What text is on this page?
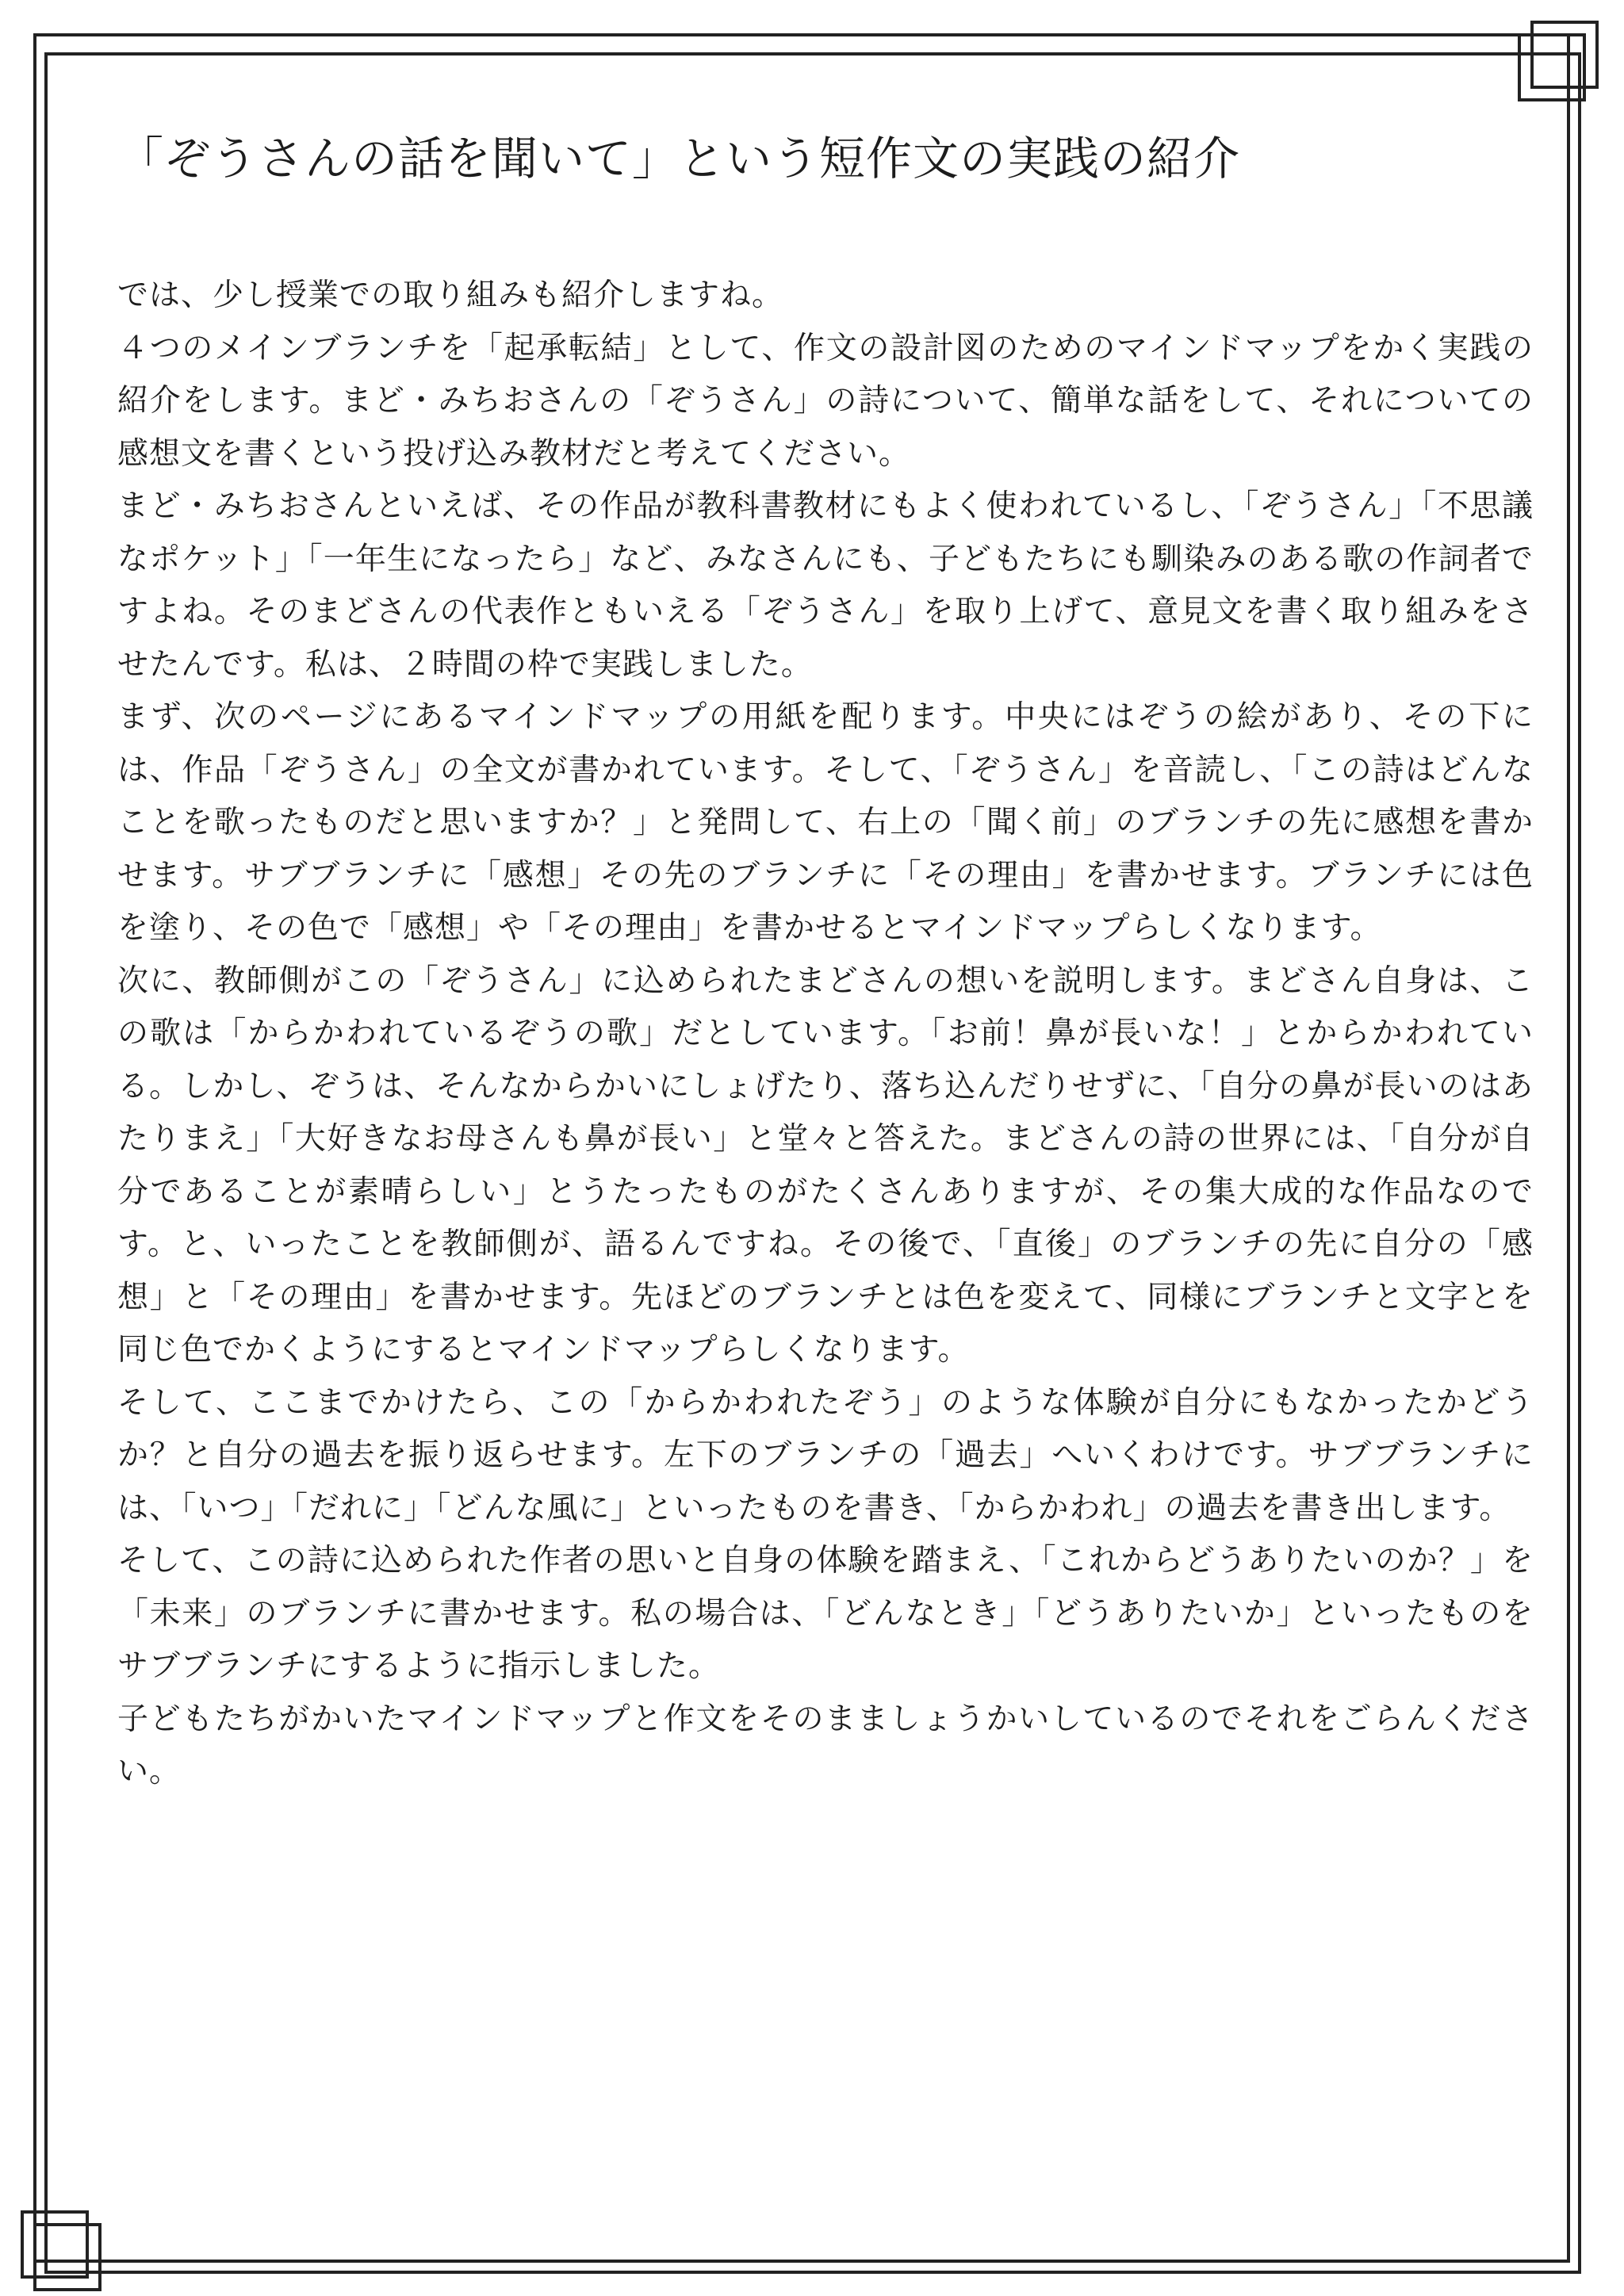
「ぞうさんの話を聞いて」という短作文の実践の紹介

では、少し授業での取り組みも紹介しますね。

４つのメインブランチを「起承転結」として、作文の設計図のためのマインドマップをかく実践の紹介をします。まど・みちおさんの「ぞうさん」の詩について、簡単な話をして、それについての感想文を書くという投げ込み教材だと考えてください。

まど・みちおさんといえば、その作品が教科書教材にもよく使われているし、「ぞうさん」「不思議なポケット」「一年生になったら」など、みなさんにも、子どもたちにも馴染みのある歌の作詞者ですよね。そのまどさんの代表作ともいえる「ぞうさん」を取り上げて、意見文を書く取り組みをさせたんです。私は、２時間の枠で実践しました。

まず、次のページにあるマインドマップの用紙を配ります。中央にはぞうの絵があり、その下には、作品「ぞうさん」の全文が書かれています。そして、「ぞうさん」を音読し、「この詩はどんなことを歌ったものだと思いますか？」と発問して、右上の「聞く前」のブランチの先に感想を書かせます。サブブランチに「感想」その先のブランチに「その理由」を書かせます。ブランチには色を塗り、その色で「感想」や「その理由」を書かせるとマインドマップらしくなります。

次に、教師側がこの「ぞうさん」に込められたまどさんの想いを説明します。まどさん自身は、この歌は「からかわれているぞうの歌」だとしています。「お前！鼻が長いな！」とからかわれている。しかし、ぞうは、そんなからかいにしょげたり、落ち込んだりせずに、「自分の鼻が長いのはあたりまえ」「大好きなお母さんも鼻が長い」と堂々と答えた。まどさんの詩の世界には、「自分が自分であることが素晴らしい」とうたったものがたくさんありますが、その集大成的な作品なのです。と、いったことを教師側が、語るんですね。その後で、「直後」のブランチの先に自分の「感想」と「その理由」を書かせます。先ほどのブランチとは色を変えて、同様にブランチと文字とを同じ色でかくようにするとマインドマップらしくなります。

そして、ここまでかけたら、この「からかわれたぞう」のような体験が自分にもなかったかどうか？と自分の過去を振り返らせます。左下のブランチの「過去」へいくわけです。サブブランチには、「いつ」「だれに」「どんな風に」といったものを書き、「からかわれ」の過去を書き出します。

そして、この詩に込められた作者の思いと自身の体験を踏まえ、「これからどうありたいのか？」を「未来」のブランチに書かせます。私の場合は、「どんなとき」「どうありたいか」といったものをサブブランチにするように指示しました。

子どもたちがかいたマインドマップと作文をそのまましょうかいしているのでそれをごらんください。
